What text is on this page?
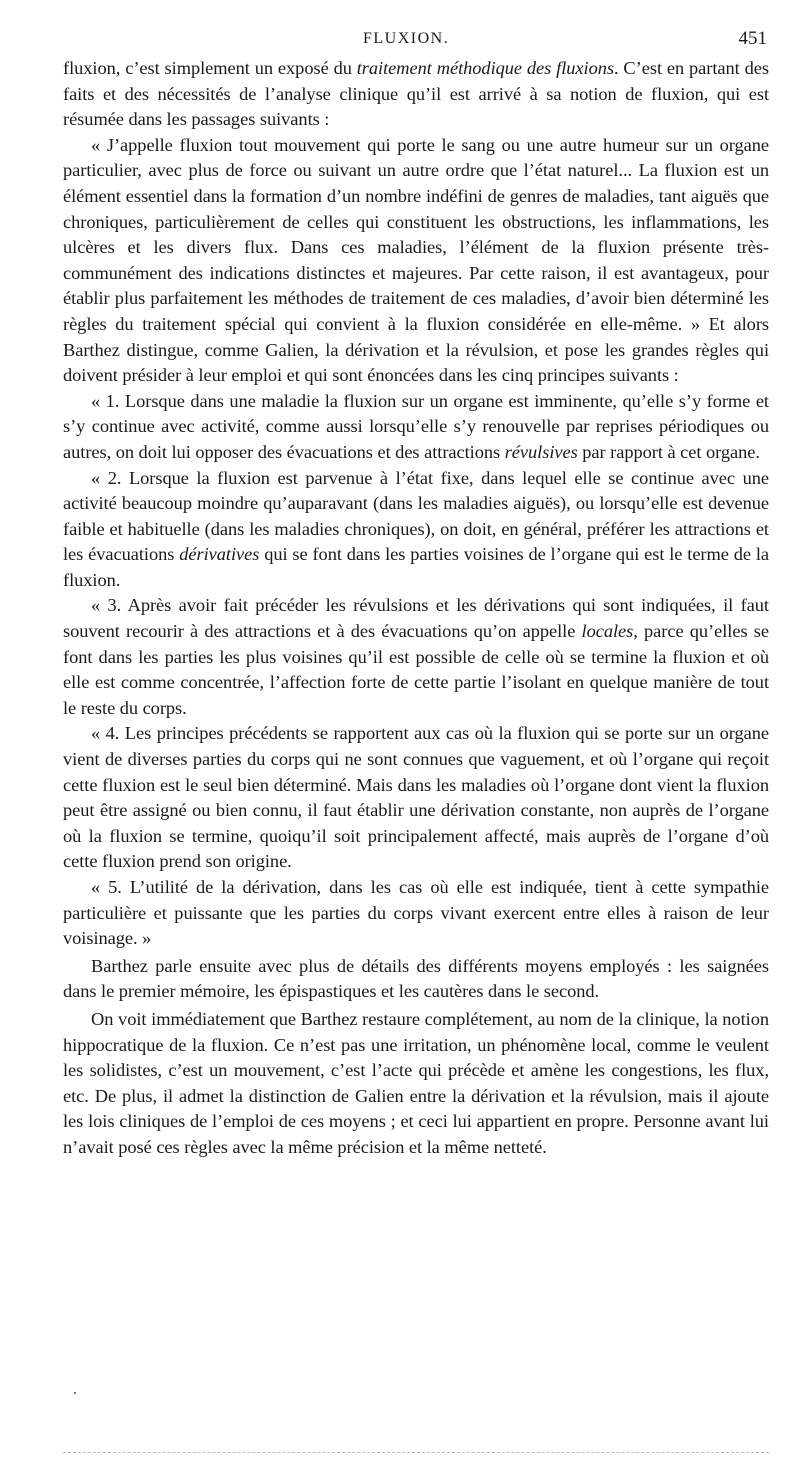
FLUXION.	451

fluxion, c’est simplement un exposé du traitement méthodique des fluxions. C’est en partant des faits et des nécessités de l’analyse clinique qu’il est arrivé à sa notion de fluxion, qui est résumée dans les passages suivants :

« J’appelle fluxion tout mouvement qui porte le sang ou une autre humeur sur un organe particulier, avec plus de force ou suivant un autre ordre que l’état naturel... La fluxion est un élément essentiel dans la formation d’un nombre indéfini de genres de maladies, tant aiguës que chroniques, particulièrement de celles qui constituent les obstructions, les inflammations, les ulcères et les divers flux. Dans ces maladies, l’élément de la fluxion présente très-communément des indications distinctes et majeures. Par cette raison, il est avantageux, pour établir plus parfaitement les méthodes de traitement de ces maladies, d’avoir bien déterminé les règles du traitement spécial qui convient à la fluxion considérée en elle-même. » Et alors Barthez distingue, comme Galien, la dérivation et la révulsion, et pose les grandes règles qui doivent présider à leur emploi et qui sont énoncées dans les cinq principes suivants :

« 1. Lorsque dans une maladie la fluxion sur un organe est imminente, qu’elle s’y forme et s’y continue avec activité, comme aussi lorsqu’elle s’y renouvelle par reprises périodiques ou autres, on doit lui opposer des évacuations et des attractions révulsives par rapport à cet organe.

« 2. Lorsque la fluxion est parvenue à l’état fixe, dans lequel elle se continue avec une activité beaucoup moindre qu’auparavant (dans les maladies aiguës), ou lorsqu’elle est devenue faible et habituelle (dans les maladies chroniques), on doit, en général, préférer les attractions et les évacuations dérivatives qui se font dans les parties voisines de l’organe qui est le terme de la fluxion.

« 3. Après avoir fait précéder les révulsions et les dérivations qui sont indiquées, il faut souvent recourir à des attractions et à des évacuations qu’on appelle locales, parce qu’elles se font dans les parties les plus voisines qu’il est possible de celle où se termine la fluxion et où elle est comme concentrée, l’affection forte de cette partie l’isolant en quelque manière de tout le reste du corps.

« 4. Les principes précédents se rapportent aux cas où la fluxion qui se porte sur un organe vient de diverses parties du corps qui ne sont connues que vaguement, et où l’organe qui reçoit cette fluxion est le seul bien déterminé. Mais dans les maladies où l’organe dont vient la fluxion peut être assigné ou bien connu, il faut établir une dérivation constante, non auprès de l’organe où la fluxion se termine, quoiqu’il soit principalement affecté, mais auprès de l’organe d’où cette fluxion prend son origine.

« 5. L’utilité de la dérivation, dans les cas où elle est indiquée, tient à cette sympathie particulière et puissante que les parties du corps vivant exercent entre elles à raison de leur voisinage. »

Barthez parle ensuite avec plus de détails des différents moyens employés : les saignées dans le premier mémoire, les épispastiques et les cautères dans le second.

On voit immédiatement que Barthez restaure complétement, au nom de la clinique, la notion hippocratique de la fluxion. Ce n’est pas une irritation, un phénomène local, comme le veulent les solidistes, c’est un mouvement, c’est l’acte qui précède et amène les congestions, les flux, etc. De plus, il admet la distinction de Galien entre la dérivation et la révulsion, mais il ajoute les lois cliniques de l’emploi de ces moyens ; et ceci lui appartient en propre. Personne avant lui n’avait posé ces règles avec la même précision et la même netteté.
